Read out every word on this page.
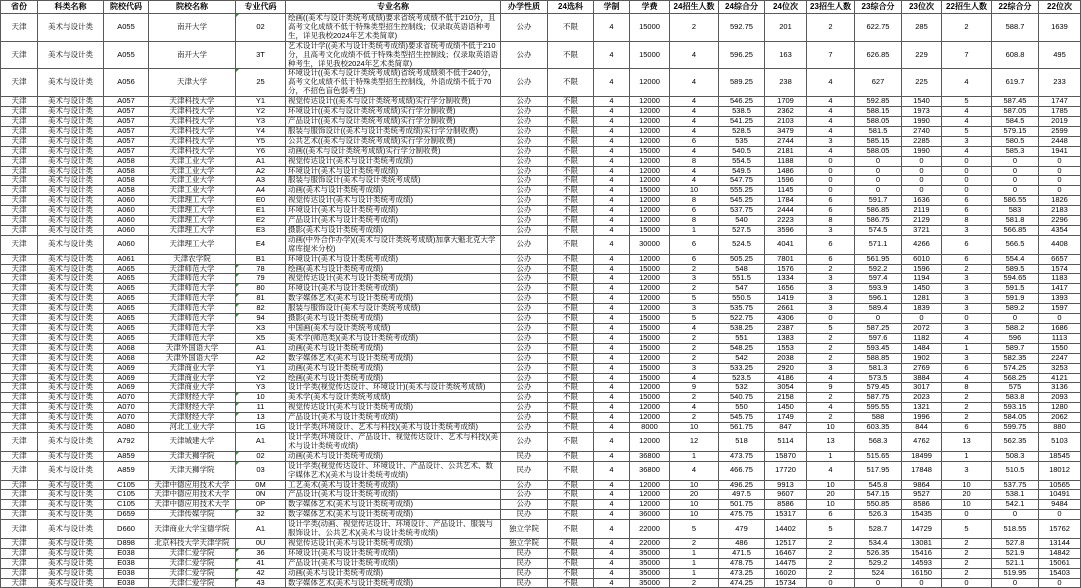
省份	科类名称	院校代码	院校名称	专业代码	专业名称	办学性质	24选科	学制	学费	24招生人数	24综合分	24位次	23招生人数	23综合分	23位次	22招生人数	22综合分	22位次
天津	美术与设计类	A055	南开大学	02	绘画((美术与设计类统考成绩)要求省统考成绩不低于210分，且高考文化成绩不低于特殊类型招生控制线；仅录取英语语种考生，详见我校2024年艺术类简章)	公办	不限	4	15000	2	592.75	201	2	622.75	285	2	588.7	1639
天津	美术与设计类	A055	南开大学	3T	艺术设计学((美术与设计类统考成绩)要求省统考成绩不低于210分，且高考文化成绩不低于特殊类型招生控制线；仅录取英语语种考生，详见我校2024年艺术类简章)	公办	不限	4	15000	4	596.25	163	7	626.85	229	7	608.8	495
天津	美术与设计类	A056	天津大学	25	环境设计((美术与设计类统考成绩)省统考成绩须不低于240分，高考文化成绩不低于特殊类型招生控制线，外语成绩不低于70分，不招色盲色弱考生)	公办	不限	4	12000	4	589.25	238	4	627	225	4	619.7	233
天津	美术与设计类	A057	天津科技大学	Y1	视觉传达设计((美术与设计类统考成绩)实行学分制收费)	公办	不限	4	12000	4	546.25	1709	4	592.85	1540	5	587.45	1747
天津	美术与设计类	A057	天津科技大学	Y2	环境设计((美术与设计类统考成绩)实行学分制收费)	公办	不限	4	12000	4	538.5	2362	4	588.15	1973	4	587.05	1785
天津	美术与设计类	A057	天津科技大学	Y3	产品设计((美术与设计类统考成绩)实行学分制收费)	公办	不限	4	12000	4	541.25	2103	4	588.05	1990	4	584.5	2019
天津	美术与设计类	A057	天津科技大学	Y4	服装与服饰设计((美术与设计类统考成绩)实行学分制收费)	公办	不限	4	12000	4	528.5	3479	4	581.5	2740	5	579.15	2599
天津	美术与设计类	A057	天津科技大学	Y5	公共艺术((美术与设计类统考成绩)实行学分制收费)	公办	不限	4	12000	6	535	2744	3	585.15	2285	3	580.5	2448
天津	美术与设计类	A057	天津科技大学	Y6	动画((美术与设计类统考成绩)实行学分制收费)	公办	不限	4	15000	4	540.5	2181	4	588.05	1990	4	585.3	1941
天津	美术与设计类	A058	天津工业大学	A1	视觉传达设计(美术与设计类统考成绩)	公办	不限	4	12000	8	554.5	1188	0	0	0	0	0	0
天津	美术与设计类	A058	天津工业大学	A2	环境设计(美术与设计类统考成绩)	公办	不限	4	12000	4	549.5	1486	0	0	0	0	0	0
天津	美术与设计类	A058	天津工业大学	A3	服装与服饰设计(美术与设计类统考成绩)	公办	不限	4	12000	4	547.75	1596	0	0	0	0	0	0
天津	美术与设计类	A058	天津工业大学	A4	动画(美术与设计类统考成绩)	公办	不限	4	15000	10	555.25	1145	0	0	0	0	0	0
天津	美术与设计类	A060	天津理工大学	E0	视觉传达设计(美术与设计类统考成绩)	公办	不限	4	12000	8	545.25	1784	6	591.7	1636	6	586.55	1826
天津	美术与设计类	A060	天津理工大学	E1	环境设计(美术与设计类统考成绩)	公办	不限	4	12000	6	537.75	2444	6	586.85	2119	6	583	2183
天津	美术与设计类	A060	天津理工大学	E2	产品设计(美术与设计类统考成绩)	公办	不限	4	12000	8	540	2223	8	586.75	2129	8	581.8	2296
天津	美术与设计类	A060	天津理工大学	E3	摄影(美术与设计类统考成绩)	公办	不限	4	15000	1	527.5	3596	3	574.5	3721	3	566.85	4354
天津	美术与设计类	A060	天津理工大学	E4	动画(中外合作办学)((美术与设计类统考成绩)加拿大魁北克大学席库提米分校)	公办	不限	4	30000	6	524.5	4041	6	571.1	4266	6	566.5	4408
天津	美术与设计类	A061	天津农学院	B1	环境设计(美术与设计类统考成绩)	公办	不限	4	12000	6	505.25	7801	6	561.95	6010	6	554.4	6657
天津	美术与设计类	A065	天津师范大学	78	绘画(美术与设计类统考成绩)	公办	不限	4	15000	2	548	1576	2	592.2	1596	2	589.5	1574
天津	美术与设计类	A065	天津师范大学	79	视觉传达设计(美术与设计类统考成绩)	公办	不限	4	12000	3	551.5	1334	3	597.4	1194	3	594.65	1183
天津	美术与设计类	A065	天津师范大学	80	环境设计(美术与设计类统考成绩)	公办	不限	4	12000	2	547	1656	3	593.9	1450	3	591.5	1417
天津	美术与设计类	A065	天津师范大学	81	数字媒体艺术(美术与设计类统考成绩)	公办	不限	4	12000	5	550.5	1419	3	596.1	1281	3	591.9	1393
天津	美术与设计类	A065	天津师范大学	82	服装与服饰设计(美术与设计类统考成绩)	公办	不限	4	12000	3	535.75	2661	3	589.4	1839	3	589.2	1597
天津	美术与设计类	A065	天津师范大学	94	摄影(美术与设计类统考成绩)	公办	不限	4	15000	5	522.75	4306	0	0	0	0	0	0
天津	美术与设计类	A065	天津师范大学	X3	中国画(美术与设计类统考成绩)	公办	不限	4	15000	4	538.25	2387	5	587.25	2072	3	588.2	1686
天津	美术与设计类	A065	天津师范大学	X5	美术学(师范类)(美术与设计类统考成绩)	公办	不限	4	15000	2	551	1383	2	597.6	1182	4	596	1113
天津	美术与设计类	A068	天津外国语大学	A1	动画(美术与设计类统考成绩)	公办	不限	4	15000	2	548.25	1553	2	593.45	1484	1	589.7	1550
天津	美术与设计类	A068	天津外国语大学	A2	数字媒体艺术(美术与设计类统考成绩)	公办	不限	4	12000	2	542	2038	2	588.85	1902	3	582.35	2247
天津	美术与设计类	A069	天津商业大学	Y1	动画(美术与设计类统考成绩)	公办	不限	4	15000	3	533.25	2920	3	581.3	2769	6	574.25	3253
天津	美术与设计类	A069	天津商业大学	Y2	绘画(美术与设计类统考成绩)	公办	不限	4	15000	4	523.5	4186	4	573.5	3884	4	568.25	4121
天津	美术与设计类	A069	天津商业大学	Y3	设计学类(视觉传达设计、环境设计)(美术与设计类统考成绩)	公办	不限	4	12000	9	532	3054	9	579.45	3017	8	575	3136
天津	美术与设计类	A070	天津财经大学	10	美术学(美术与设计类统考成绩)	公办	不限	4	15000	2	540.75	2158	2	587.75	2023	2	583.8	2093
天津	美术与设计类	A070	天津财经大学	11	视觉传达设计(美术与设计类统考成绩)	公办	不限	4	12000	4	550	1450	4	595.55	1321	2	593.15	1280
天津	美术与设计类	A070	天津财经大学	13	产品设计(美术与设计类统考成绩)	公办	不限	4	12000	2	545.75	1749	2	588	1996	2	584.05	2062
天津	美术与设计类	A080	河北工业大学	1G	设计学类(环境设计、艺术与科技)(美术与设计类统考成绩)	公办	不限	4	8000	10	561.75	847	10	603.35	844	6	599.75	880
天津	美术与设计类	A792	天津城建大学	A1	设计学类(环境设计、产品设计、视觉传达设计、艺术与科技)(美术与设计类统考成绩)	公办	不限	4	12000	12	518	5114	13	568.3	4762	13	562.35	5103
天津	美术与设计类	A859	天津天狮学院	02	动画(美术与设计类统考成绩)	民办	不限	4	36800	1	473.75	15870	1	515.65	18499	1	508.3	18545
天津	美术与设计类	A859	天津天狮学院	03	设计学类(视觉传达设计、环境设计、产品设计、公共艺术、数字媒体艺术)(美术与设计类统考成绩)	民办	不限	4	36800	4	466.75	17720	4	517.95	17848	3	510.5	18012
天津	美术与设计类	C105	天津中德应用技术大学	0M	工艺美术(美术与设计类统考成绩)	公办	不限	4	12000	10	496.25	9913	10	545.8	9864	10	537.75	10565
天津	美术与设计类	C105	天津中德应用技术大学	0N	产品设计(美术与设计类统考成绩)	公办	不限	4	12000	20	497.5	9607	20	547.15	9527	20	538.1	10491
天津	美术与设计类	C105	天津中德应用技术大学	0P	数字媒体艺术(美术与设计类统考成绩)	公办	不限	4	12000	10	501.75	8586	10	550.85	8586	10	542.1	9484
天津	美术与设计类	D659	天津传媒学院	32	数字媒体艺术(美术与设计类统考成绩)	民办	不限	4	36000	10	475.75	15317	6	526.3	15435	0	0	0
天津	美术与设计类	D660	天津商业大学宝德学院	A1	设计学类(动画、视觉传达设计、环境设计、产品设计、服装与服饰设计、公共艺术)(美术与设计类统考成绩)	独立学院	不限	4	22000	5	479	14402	5	528.7	14729	5	518.55	15762
天津	美术与设计类	D898	北京科技大学天津学院	0U	视觉传达设计(美术与设计类统考成绩)	独立学院	不限	4	22000	2	486	12517	2	534.4	13081	2	527.8	13144
天津	美术与设计类	E038	天津仁爱学院	36	环境设计(美术与设计类统考成绩)	民办	不限	4	35000	1	471.5	16467	2	526.35	15416	2	521.9	14842
天津	美术与设计类	E038	天津仁爱学院	41	产品设计(美术与设计类统考成绩)	民办	不限	4	35000	1	478.75	14475	2	529.2	14593	2	521.1	15061
天津	美术与设计类	E038	天津仁爱学院	42	动画(美术与设计类统考成绩)	民办	不限	4	35000	1	473.25	16020	2	524	16150	2	519.95	15403
天津	美术与设计类	E038	天津仁爱学院	43	数字媒体艺术(美术与设计类统考成绩)	民办	不限	4	35000	2	474.25	15734	0	0	0	0	0	0
